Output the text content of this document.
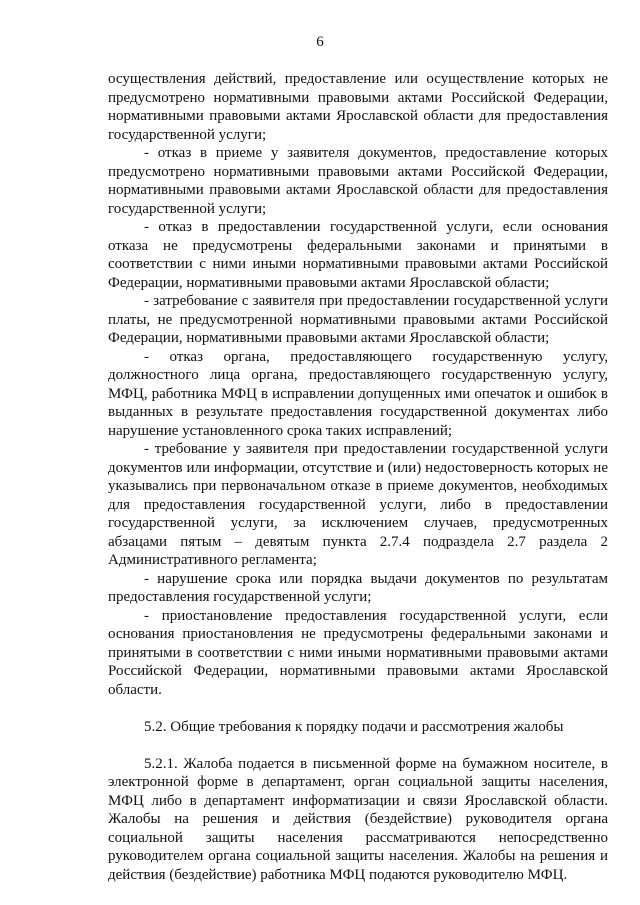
6

осуществления действий, предоставление или осуществление которых не предусмотрено нормативными правовыми актами Российской Федерации, нормативными правовыми актами Ярославской области для предоставления государственной услуги;

- отказ в приеме у заявителя документов, предоставление которых предусмотрено нормативными правовыми актами Российской Федерации, нормативными правовыми актами Ярославской области для предоставления государственной услуги;

- отказ в предоставлении государственной услуги, если основания отказа не предусмотрены федеральными законами и принятыми в соответствии с ними иными нормативными правовыми актами Российской Федерации, нормативными правовыми актами Ярославской области;

- затребование с заявителя при предоставлении государственной услуги платы, не предусмотренной нормативными правовыми актами Российской Федерации, нормативными правовыми актами Ярославской области;

- отказ органа, предоставляющего государственную услугу, должностного лица органа, предоставляющего государственную услугу, МФЦ, работника МФЦ в исправлении допущенных ими опечаток и ошибок в выданных в результате предоставления государственной документах либо нарушение установленного срока таких исправлений;

- требование у заявителя при предоставлении государственной услуги документов или информации, отсутствие и (или) недостоверность которых не указывались при первоначальном отказе в приеме документов, необходимых для предоставления государственной услуги, либо в предоставлении государственной услуги, за исключением случаев, предусмотренных абзацами пятым – девятым пункта 2.7.4 подраздела 2.7 раздела 2 Административного регламента;

- нарушение срока или порядка выдачи документов по результатам предоставления государственной услуги;

- приостановление предоставления государственной услуги, если основания приостановления не предусмотрены федеральными законами и принятыми в соответствии с ними иными нормативными правовыми актами Российской Федерации, нормативными правовыми актами Ярославской области.

5.2. Общие требования к порядку подачи и рассмотрения жалобы

5.2.1. Жалоба подается в письменной форме на бумажном носителе, в электронной форме в департамент, орган социальной защиты населения, МФЦ либо в департамент информатизации и связи Ярославской области. Жалобы на решения и действия (бездействие) руководителя органа социальной защиты населения рассматриваются непосредственно руководителем органа социальной защиты населения. Жалобы на решения и действия (бездействие) работника МФЦ подаются руководителю МФЦ.
